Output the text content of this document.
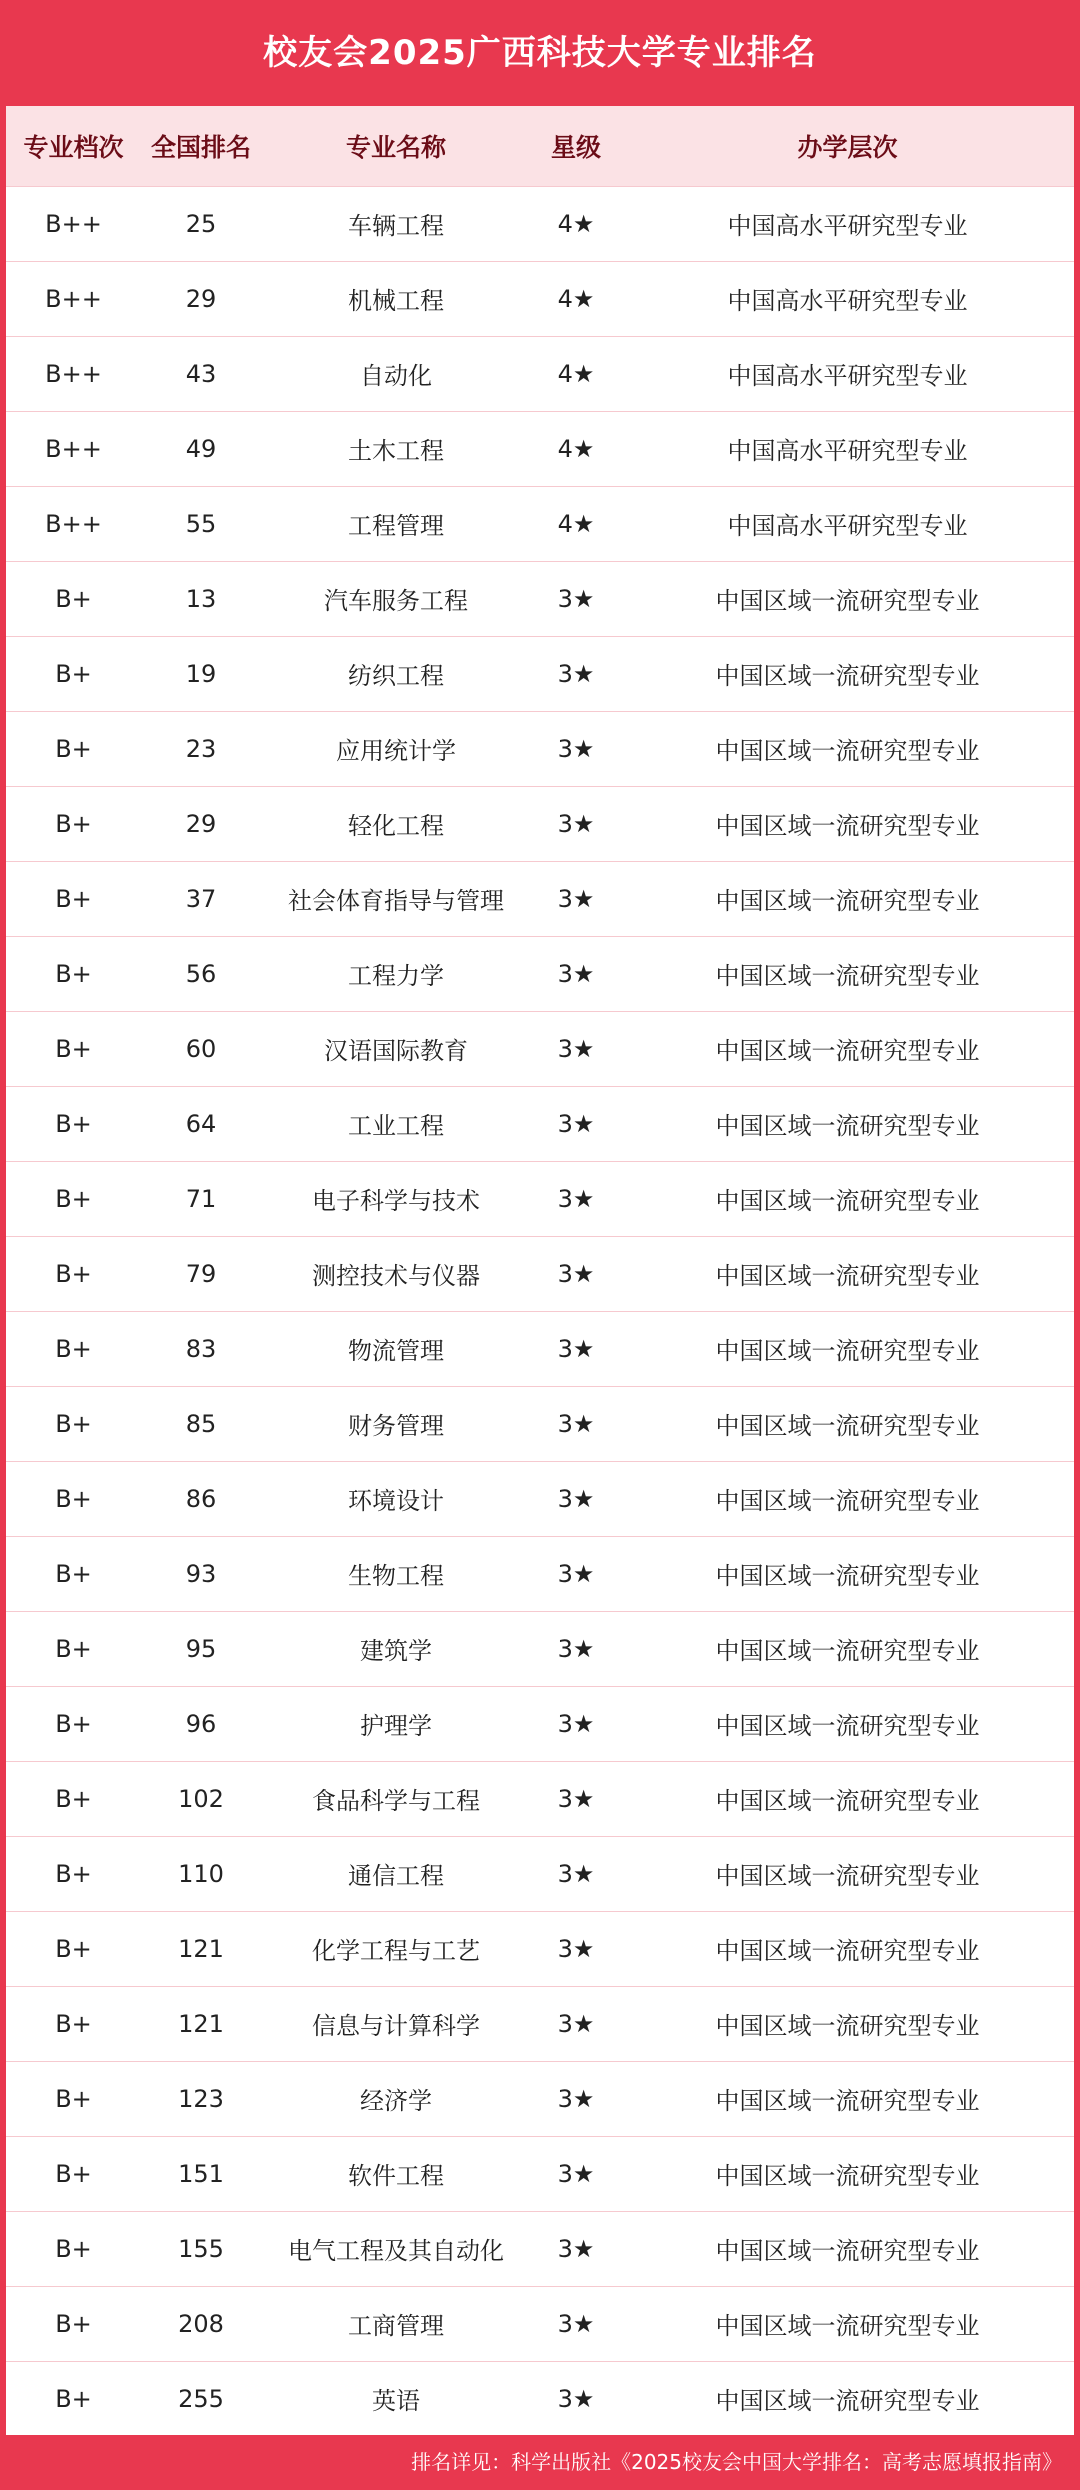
校友会2025广西科技大学专业排名
专业档次	全国排名	专业名称	星级	办学层次
B++	25	车辆工程	4★	中国高水平研究型专业
B++	29	机械工程	4★	中国高水平研究型专业
B++	43	自动化	4★	中国高水平研究型专业
B++	49	土木工程	4★	中国高水平研究型专业
B++	55	工程管理	4★	中国高水平研究型专业
B+	13	汽车服务工程	3★	中国区域一流研究型专业
B+	19	纺织工程	3★	中国区域一流研究型专业
B+	23	应用统计学	3★	中国区域一流研究型专业
B+	29	轻化工程	3★	中国区域一流研究型专业
B+	37	社会体育指导与管理	3★	中国区域一流研究型专业
B+	56	工程力学	3★	中国区域一流研究型专业
B+	60	汉语国际教育	3★	中国区域一流研究型专业
B+	64	工业工程	3★	中国区域一流研究型专业
B+	71	电子科学与技术	3★	中国区域一流研究型专业
B+	79	测控技术与仪器	3★	中国区域一流研究型专业
B+	83	物流管理	3★	中国区域一流研究型专业
B+	85	财务管理	3★	中国区域一流研究型专业
B+	86	环境设计	3★	中国区域一流研究型专业
B+	93	生物工程	3★	中国区域一流研究型专业
B+	95	建筑学	3★	中国区域一流研究型专业
B+	96	护理学	3★	中国区域一流研究型专业
B+	102	食品科学与工程	3★	中国区域一流研究型专业
B+	110	通信工程	3★	中国区域一流研究型专业
B+	121	化学工程与工艺	3★	中国区域一流研究型专业
B+	121	信息与计算科学	3★	中国区域一流研究型专业
B+	123	经济学	3★	中国区域一流研究型专业
B+	151	软件工程	3★	中国区域一流研究型专业
B+	155	电气工程及其自动化	3★	中国区域一流研究型专业
B+	208	工商管理	3★	中国区域一流研究型专业
B+	255	英语	3★	中国区域一流研究型专业
排名详见：科学出版社《2025校友会中国大学排名：高考志愿填报指南》
